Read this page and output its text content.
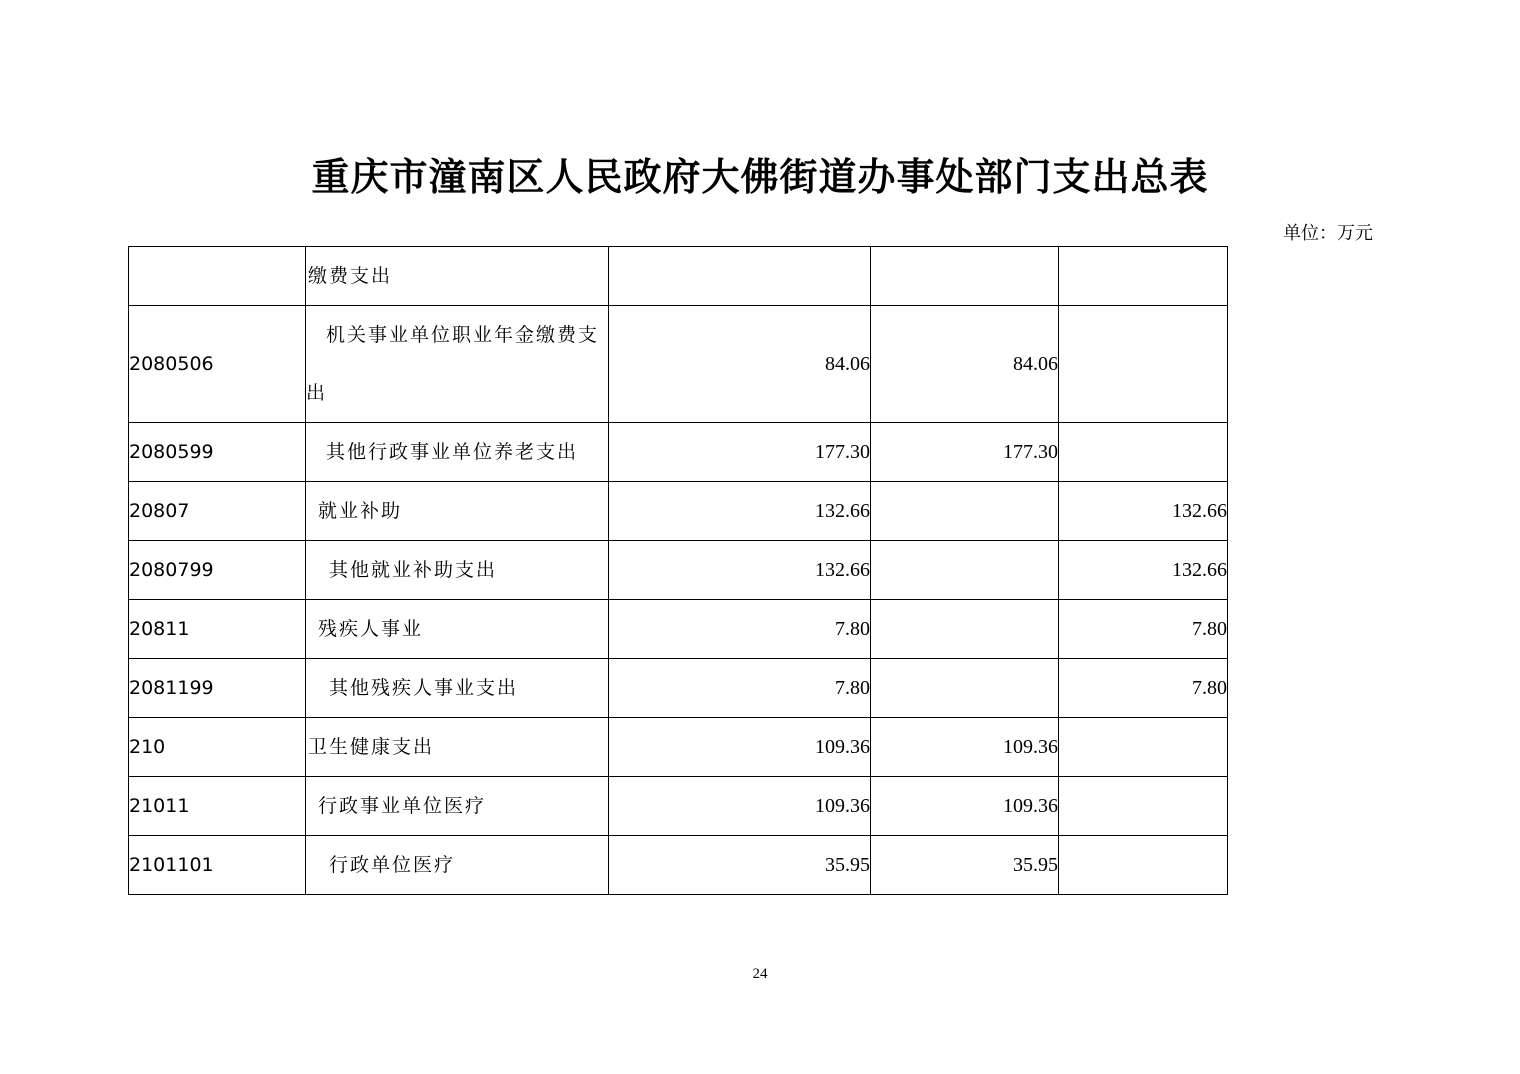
重庆市潼南区人民政府大佛街道办事处部门支出总表
单位：万元
	缴费支出			
2080506	机关事业单位职业年金缴费支出	84.06	84.06	
2080599	其他行政事业单位养老支出	177.30	177.30	
20807	就业补助	132.66		132.66
2080799	其他就业补助支出	132.66		132.66
20811	残疾人事业	7.80		7.80
2081199	其他残疾人事业支出	7.80		7.80
210	卫生健康支出	109.36	109.36	
21011	行政事业单位医疗	109.36	109.36	
2101101	行政单位医疗	35.95	35.95	
24
